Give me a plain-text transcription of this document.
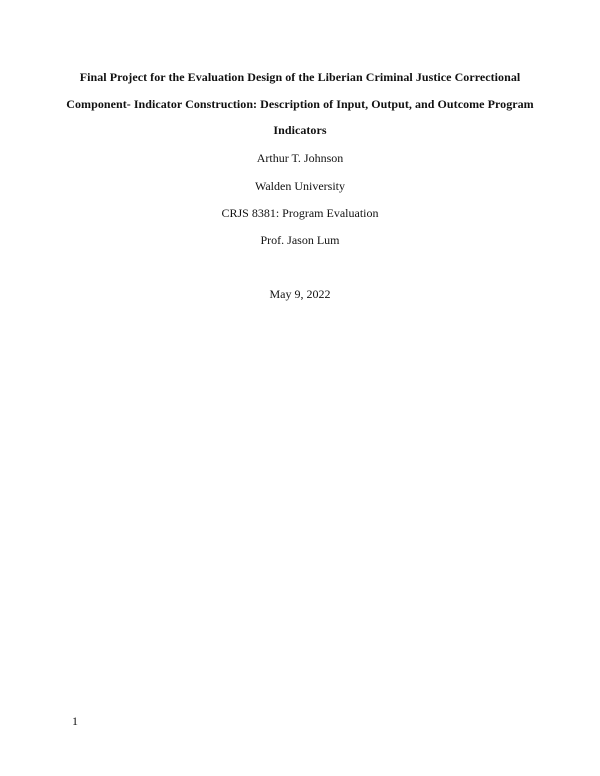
Final Project for the Evaluation Design of the Liberian Criminal Justice Correctional
Component- Indicator Construction: Description of Input, Output, and Outcome Program
Indicators
Arthur T. Johnson
Walden University
CRJS 8381: Program Evaluation
Prof. Jason Lum
May 9, 2022
1
